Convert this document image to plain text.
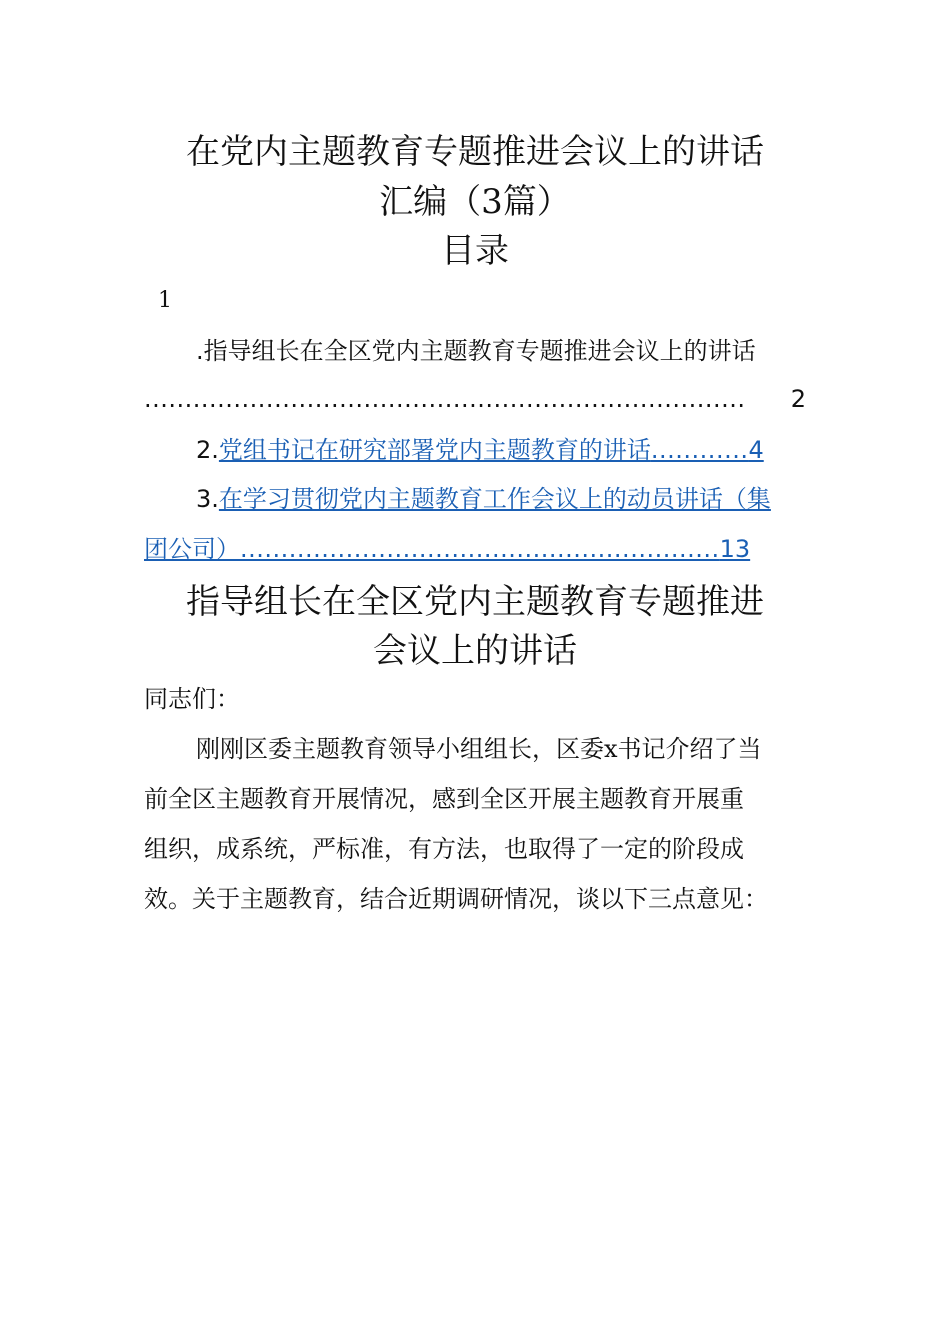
在党内主题教育专题推进会议上的讲话
汇编（3篇）
目录
1
.指导组长在全区党内主题教育专题推进会议上的讲话
..........................................................................	2
2.党组书记在研究部署党内主题教育的讲话............4
3.在学习贯彻党内主题教育工作会议上的动员讲话（集
团公司）...........................................................13
指导组长在全区党内主题教育专题推进
会议上的讲话
同志们：
刚刚区委主题教育领导小组组长，区委x书记介绍了当
前全区主题教育开展情况，感到全区开展主题教育开展重
组织，成系统，严标准，有方法，也取得了一定的阶段成
效。关于主题教育，结合近期调研情况，谈以下三点意见：
